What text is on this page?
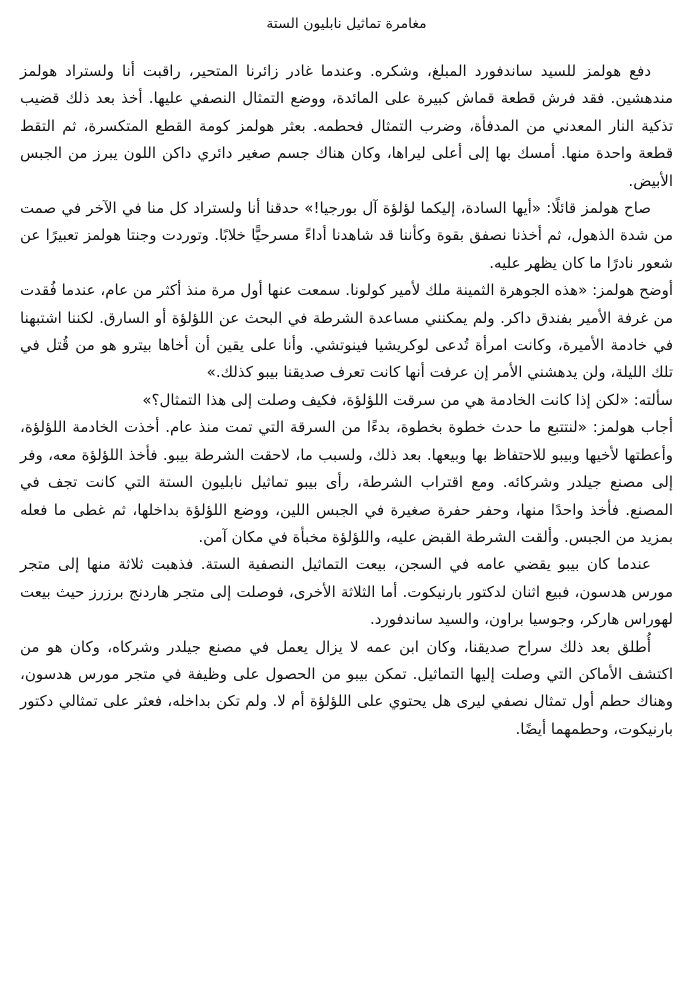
مغامرة تماثيل نابليون الستة

دفع هولمز للسيد ساندفورد المبلغ، وشكره. وعندما غادر زائرنا المتحير، راقبت أنا ولستراد هولمز مندهشين. فقد فرش قطعة قماش كبيرة على المائدة، ووضع التمثال النصفي عليها. أخذ بعد ذلك قضيب تذكية النار المعدني من المدفأة، وضرب التمثال فحطمه. بعثر هولمز كومة القطع المتكسرة، ثم التقط قطعة واحدة منها. أمسك بها إلى أعلى ليراها، وكان هناك جسم صغير دائري داكن اللون يبرز من الجبس الأبيض.

صاح هولمز قائلًا: «أيها السادة، إليكما لؤلؤة آل بورجيا!» حدقنا أنا ولستراد كل منا في الآخر في صمت من شدة الذهول، ثم أخذنا نصفق بقوة وكأننا قد شاهدنا أداءً مسرحيًّا خلابًا. وتوردت وجنتا هولمز تعبيرًا عن شعور نادرًا ما كان يظهر عليه.

أوضح هولمز: «هذه الجوهرة الثمينة ملك لأمير كولونا. سمعت عنها أول مرة منذ أكثر من عام، عندما فُقدت من غرفة الأمير بفندق داكر. ولم يمكنني مساعدة الشرطة في البحث عن اللؤلؤة أو السارق. لكننا اشتبهنا في خادمة الأميرة، وكانت امرأة تُدعى لوكريشيا فينوتشي. وأنا على يقين أن أخاها بيترو هو من قُتل في تلك الليلة، ولن يدهشني الأمر إن عرفت أنها كانت تعرف صديقنا بيبو كذلك.»

سألته: «لكن إذا كانت الخادمة هي من سرقت اللؤلؤة، فكيف وصلت إلى هذا التمثال؟»

أجاب هولمز: «لنتتبع ما حدث خطوة بخطوة، بدءًا من السرقة التي تمت منذ عام. أخذت الخادمة اللؤلؤة، وأعطتها لأخيها وبيبو للاحتفاظ بها وبيعها. بعد ذلك، ولسبب ما، لاحقت الشرطة بيبو. فأخذ اللؤلؤة معه، وفر إلى مصنع جيلدر وشركائه. ومع اقتراب الشرطة، رأى بيبو تماثيل نابليون الستة التي كانت تجف في المصنع. فأخذ واحدًا منها، وحفر حفرة صغيرة في الجبس اللين، ووضع اللؤلؤة بداخلها، ثم غطى ما فعله بمزيد من الجبس. وألقت الشرطة القبض عليه، واللؤلؤة مخبأة في مكان آمن.

عندما كان بيبو يقضي عامه في السجن، بيعت التماثيل النصفية الستة. فذهبت ثلاثة منها إلى متجر مورس هدسون، فبيع اثنان لدكتور بارنيكوت. أما الثلاثة الأخرى، فوصلت إلى متجر هاردنج برزرز حيث بيعت لهوراس هاركر، وجوسيا براون، والسيد ساندفورد.

أُطلق بعد ذلك سراح صديقنا، وكان ابن عمه لا يزال يعمل في مصنع جيلدر وشركاه، وكان هو من اكتشف الأماكن التي وصلت إليها التماثيل. تمكن بيبو من الحصول على وظيفة في متجر مورس هدسون، وهناك حطم أول تمثال نصفي ليرى هل يحتوي على اللؤلؤة أم لا. ولم تكن بداخله، فعثر على تمثالي دكتور بارنيكوت، وحطمهما أيضًا.
